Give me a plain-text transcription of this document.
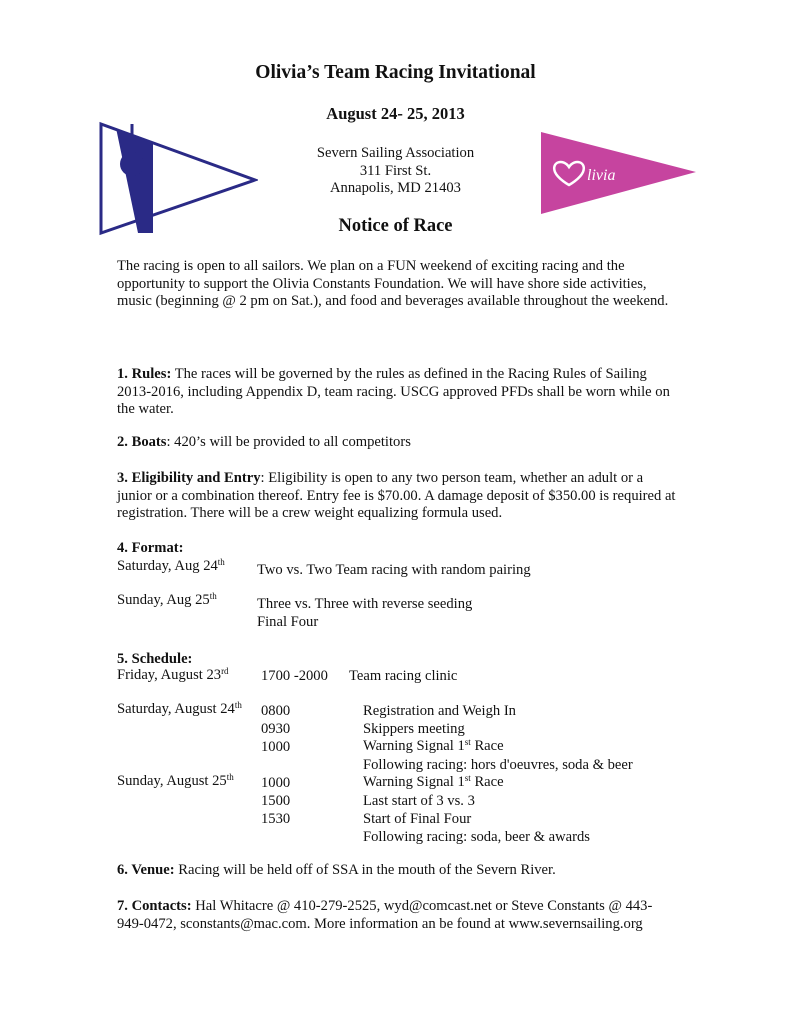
livia
Olivia’s Team Racing Invitational
August 24- 25, 2013
Severn Sailing Association
311 First St.
Annapolis, MD 21403
Notice of Race
The racing is open to all sailors. We plan on a FUN weekend of exciting racing and the opportunity to support the Olivia Constants Foundation. We will have shore side activities, music (beginning @ 2 pm on Sat.), and food and beverages available throughout the weekend.
1. Rules: The races will be governed by the rules as defined in the Racing Rules of Sailing 2013-2016, including Appendix D, team racing. USCG approved PFDs shall be worn while on the water.
2. Boats: 420’s will be provided to all competitors
3. Eligibility and Entry: Eligibility is open to any two person team, whether an adult or a junior or a combination thereof. Entry fee is $70.00. A damage deposit of $350.00 is required at registration. There will be a crew weight equalizing formula used.
4. Format:
Saturday, Aug 24th Two vs. Two Team racing with random pairing
Sunday, Aug 25th	Three vs. Three with reverse seeding
Final Four
5. Schedule:
Friday, August 23rd 1700 -2000 Team racing clinic
Saturday, August 24th 0800	Registration and Weigh In
0930	Skippers meeting
1000	Warning Signal 1st Race
Following racing: hors d'oeuvres, soda & beer
Sunday, August 25th 1000	Warning Signal 1st Race
1500	Last start of 3 vs. 3
1530	Start of Final Four
Following racing: soda, beer & awards
6. Venue: Racing will be held off of SSA in the mouth of the Severn River.
7. Contacts: Hal Whitacre @ 410-279-2525, wyd@comcast.net or Steve Constants @ 443-949-0472, sconstants@mac.com. More information an be found at www.severnsailing.org
